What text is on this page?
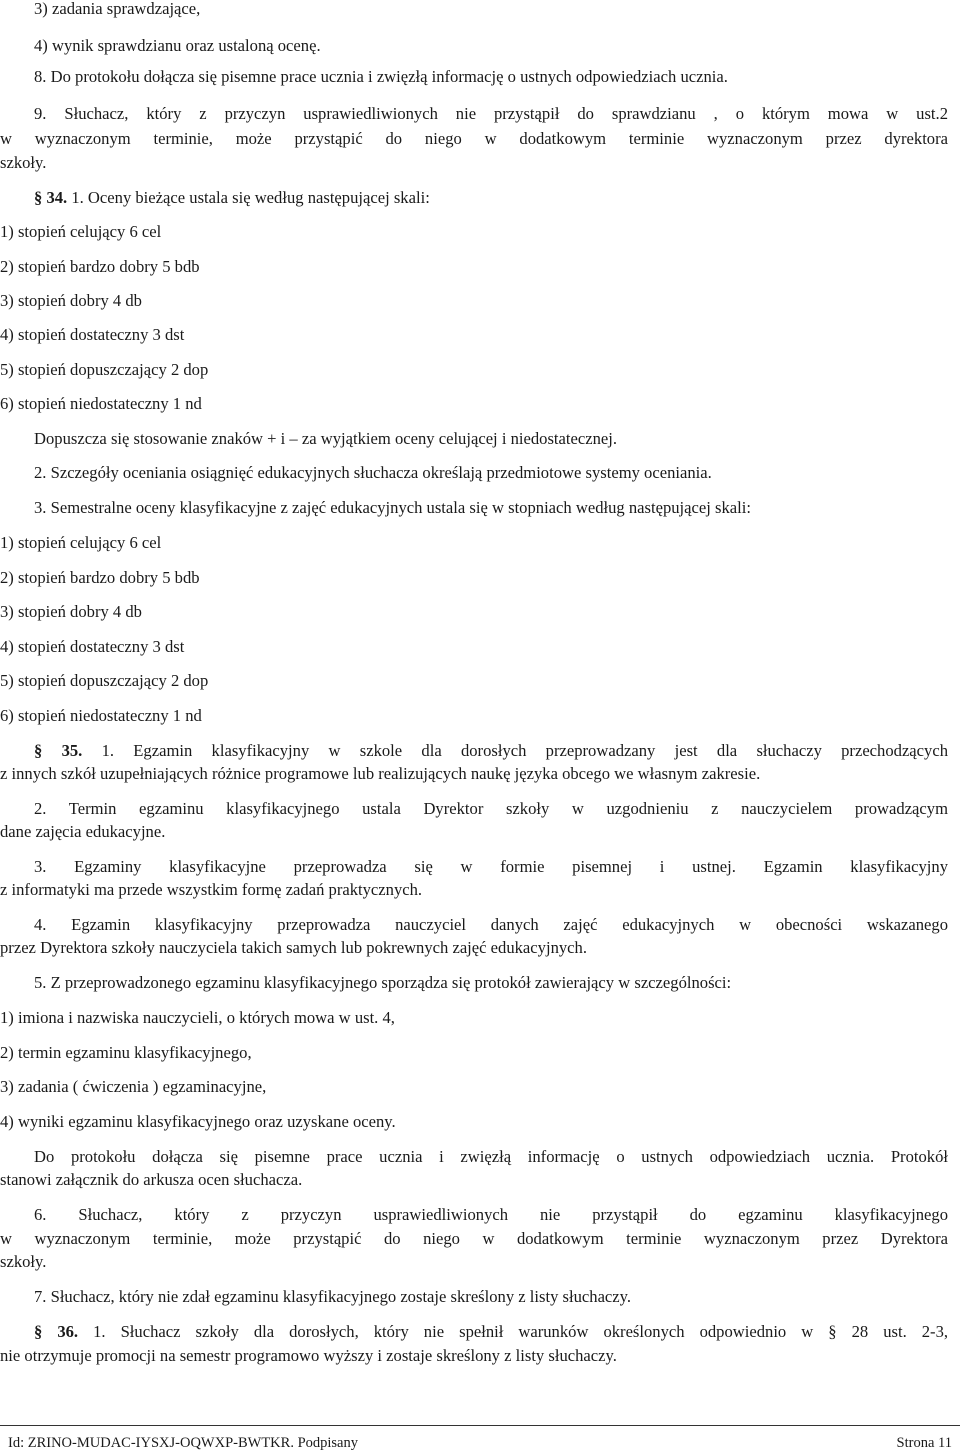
3) zadania sprawdzające,
4) wynik sprawdzianu oraz ustaloną ocenę.
8. Do protokołu dołącza się pisemne prace ucznia i zwięzłą informację o ustnych odpowiedziach ucznia.
9. Słuchacz, który z przyczyn usprawiedliwionych nie przystąpił do sprawdzianu , o którym mowa w ust.2
w wyznaczonym terminie, może przystąpić do niego w dodatkowym terminie wyznaczonym przez dyrektora
szkoły.
§ 34. 1. Oceny bieżące ustala się według następującej skali:
1) stopień celujący 6 cel
2) stopień bardzo dobry 5 bdb
3) stopień dobry 4 db
4) stopień dostateczny 3 dst
5) stopień dopuszczający 2 dop
6) stopień niedostateczny 1 nd
Dopuszcza się stosowanie znaków + i – za wyjątkiem oceny celującej i niedostatecznej.
2. Szczegóły oceniania osiągnięć edukacyjnych słuchacza określają przedmiotowe systemy oceniania.
3. Semestralne oceny klasyfikacyjne z zajęć edukacyjnych ustala się w stopniach według następującej skali:
1) stopień celujący 6 cel
2) stopień bardzo dobry 5 bdb
3) stopień dobry 4 db
4) stopień dostateczny 3 dst
5) stopień dopuszczający 2 dop
6) stopień niedostateczny 1 nd
§ 35. 1. Egzamin klasyfikacyjny w szkole dla dorosłych przeprowadzany jest dla słuchaczy przechodzących
z innych szkół uzupełniających różnice programowe lub realizujących naukę języka obcego we własnym zakresie.
2. Termin egzaminu klasyfikacyjnego ustala Dyrektor szkoły w uzgodnieniu z nauczycielem prowadzącym
dane zajęcia edukacyjne.
3. Egzaminy klasyfikacyjne przeprowadza się w formie pisemnej i ustnej. Egzamin klasyfikacyjny
z informatyki ma przede wszystkim formę zadań praktycznych.
4. Egzamin klasyfikacyjny przeprowadza nauczyciel danych zajęć edukacyjnych w obecności wskazanego
przez Dyrektora szkoły nauczyciela takich samych lub pokrewnych zajęć edukacyjnych.
5. Z przeprowadzonego egzaminu klasyfikacyjnego sporządza się protokół zawierający w szczególności:
1) imiona i nazwiska nauczycieli, o których mowa w ust. 4,
2) termin egzaminu klasyfikacyjnego,
3) zadania ( ćwiczenia ) egzaminacyjne,
4) wyniki egzaminu klasyfikacyjnego oraz uzyskane oceny.
Do protokołu dołącza się pisemne prace ucznia i zwięzłą informację o ustnych odpowiedziach ucznia. Protokół
stanowi załącznik do arkusza ocen słuchacza.
6. Słuchacz, który z przyczyn usprawiedliwionych nie przystąpił do egzaminu klasyfikacyjnego
w wyznaczonym terminie, może przystąpić do niego w dodatkowym terminie wyznaczonym przez Dyrektora
szkoły.
7. Słuchacz, który nie zdał egzaminu klasyfikacyjnego zostaje skreślony z listy słuchaczy.
§ 36. 1. Słuchacz szkoły dla dorosłych, który nie spełnił warunków określonych odpowiednio w § 28 ust. 2-3,
nie otrzymuje promocji na semestr programowo wyższy i zostaje skreślony z listy słuchaczy.
Id: ZRINO-MUDAC-IYSXJ-OQWXP-BWTKR. Podpisany	Strona 11
